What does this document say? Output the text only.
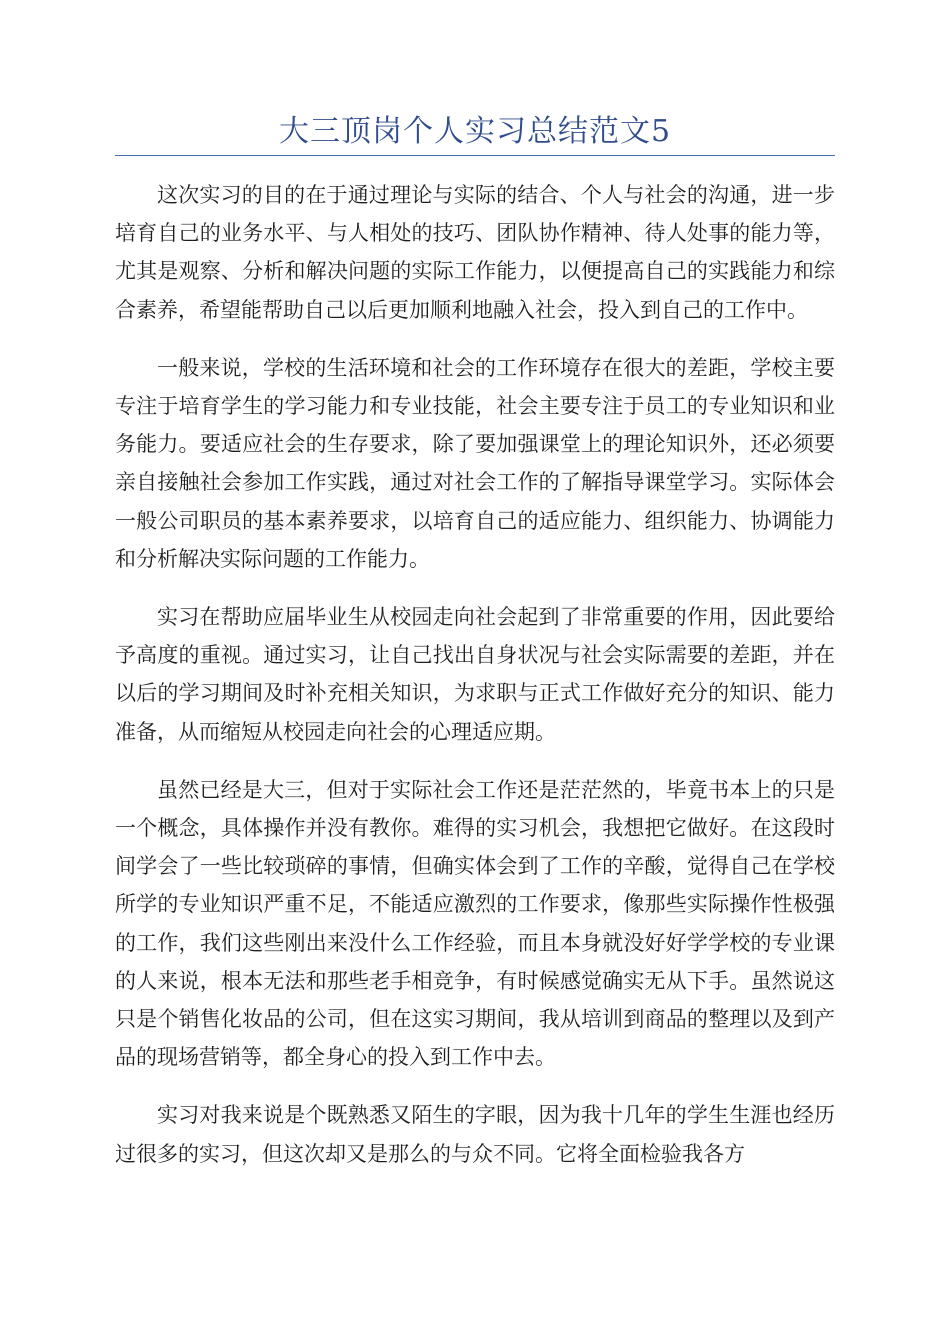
大三顶岗个人实习总结范文5

这次实习的目的在于通过理论与实际的结合、个人与社会的沟通，进一步培育自己的业务水平、与人相处的技巧、团队协作精神、待人处事的能力等，尤其是观察、分析和解决问题的实际工作能力，以便提高自己的实践能力和综合素养，希望能帮助自己以后更加顺利地融入社会，投入到自己的工作中。

一般来说，学校的生活环境和社会的工作环境存在很大的差距，学校主要专注于培育学生的学习能力和专业技能，社会主要专注于员工的专业知识和业务能力。要适应社会的生存要求，除了要加强课堂上的理论知识外，还必须要亲自接触社会参加工作实践，通过对社会工作的了解指导课堂学习。实际体会一般公司职员的基本素养要求，以培育自己的适应能力、组织能力、协调能力和分析解决实际问题的工作能力。

实习在帮助应届毕业生从校园走向社会起到了非常重要的作用，因此要给予高度的重视。通过实习，让自己找出自身状况与社会实际需要的差距，并在以后的学习期间及时补充相关知识，为求职与正式工作做好充分的知识、能力准备，从而缩短从校园走向社会的心理适应期。

虽然已经是大三，但对于实际社会工作还是茫茫然的，毕竟书本上的只是一个概念，具体操作并没有教你。难得的实习机会，我想把它做好。在这段时间学会了一些比较琐碎的事情，但确实体会到了工作的辛酸，觉得自己在学校所学的专业知识严重不足，不能适应激烈的工作要求，像那些实际操作性极强的工作，我们这些刚出来没什么工作经验，而且本身就没好好学学校的专业课的人来说，根本无法和那些老手相竞争，有时候感觉确实无从下手。虽然说这只是个销售化妆品的公司，但在这实习期间，我从培训到商品的整理以及到产品的现场营销等，都全身心的投入到工作中去。

实习对我来说是个既熟悉又陌生的字眼，因为我十几年的学生生涯也经历过很多的实习，但这次却又是那么的与众不同。它将全面检验我各方
